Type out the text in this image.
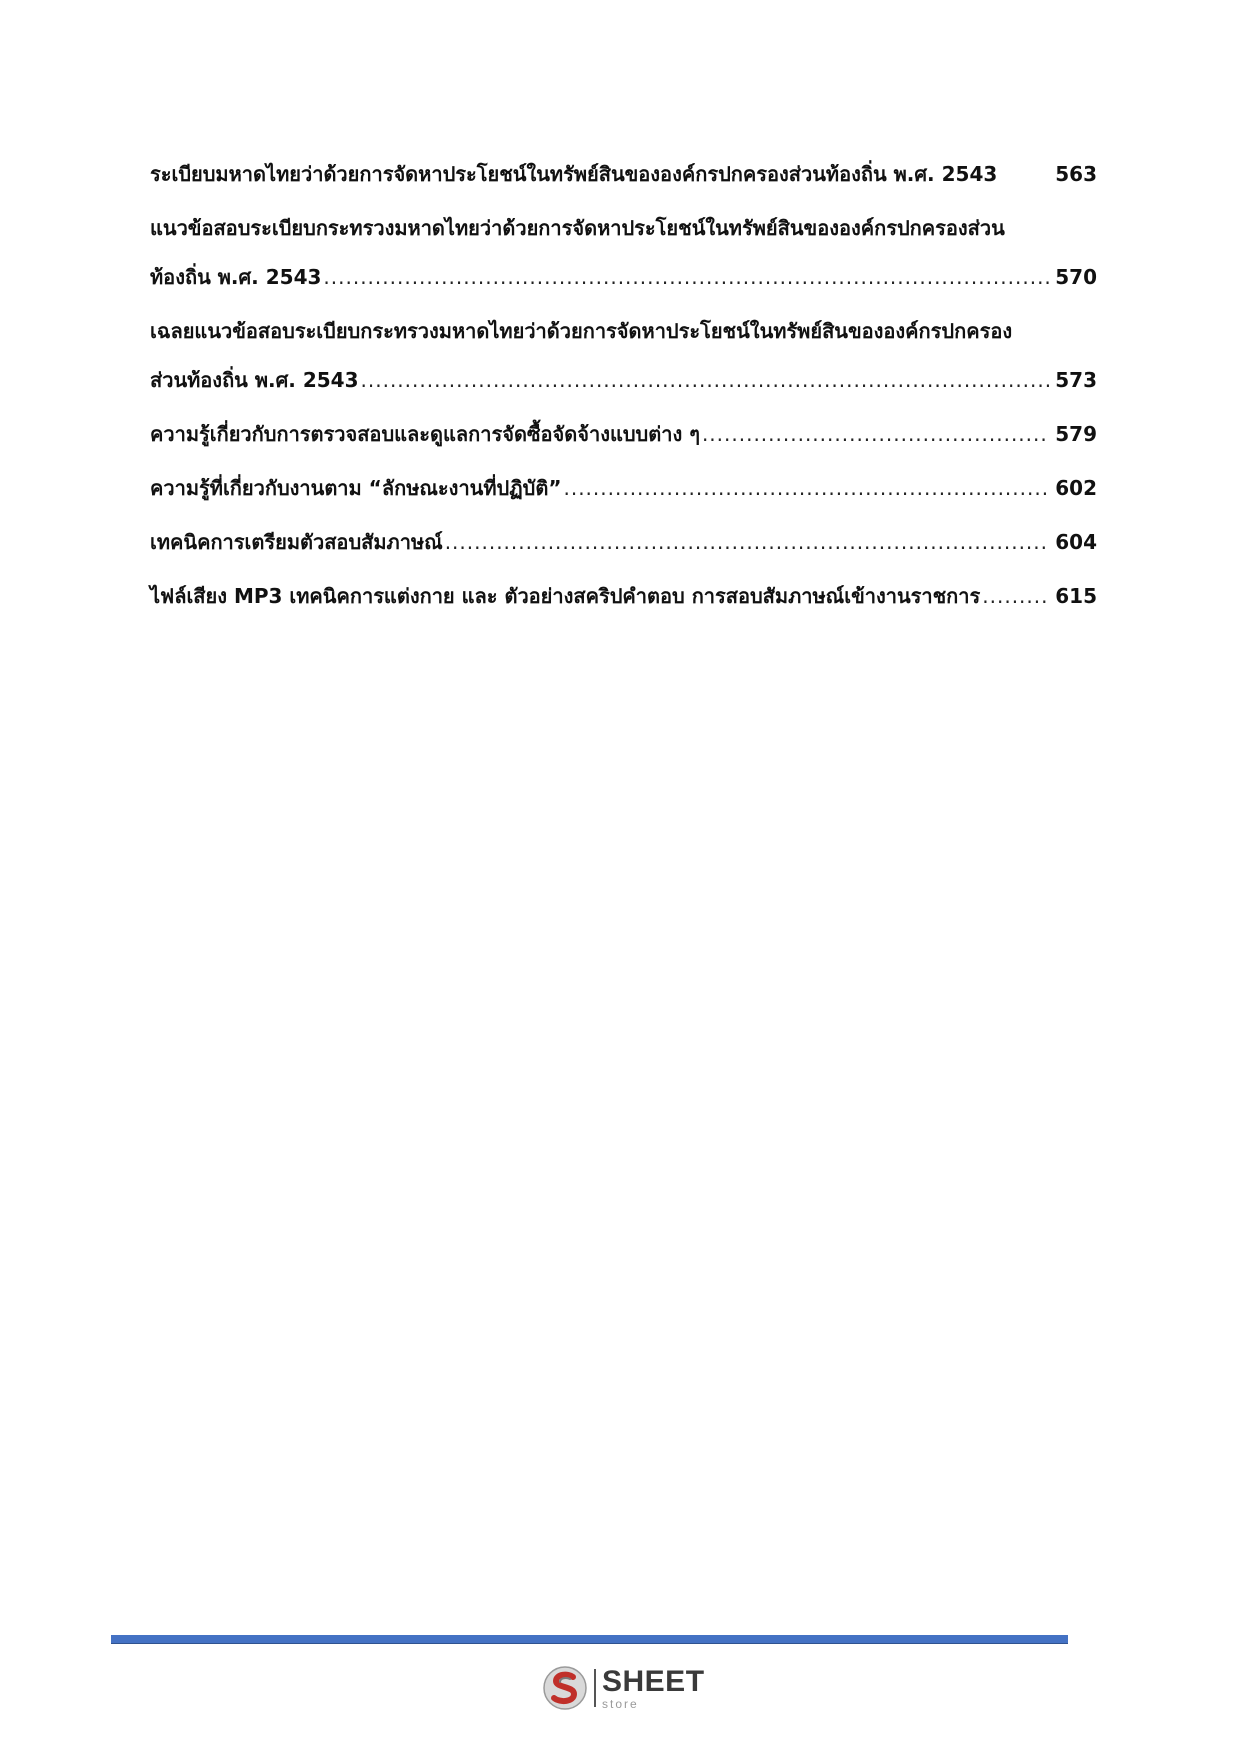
ระเบียบมหาดไทยว่าด้วยการจัดหาประโยชน์ในทรัพย์สินขององค์กรปกครองส่วนท้องถิ่น พ.ศ. 2543	563
แนวข้อสอบระเบียบกระทรวงมหาดไทยว่าด้วยการจัดหาประโยชน์ในทรัพย์สินขององค์กรปกครองส่วน
ท้องถิ่น พ.ศ. 2543 .....	570
เฉลยแนวข้อสอบระเบียบกระทรวงมหาดไทยว่าด้วยการจัดหาประโยชน์ในทรัพย์สินขององค์กรปกครอง
ส่วนท้องถิ่น พ.ศ. 2543 .....	573
ความรู้เกี่ยวกับการตรวจสอบและดูแลการจัดซื้อจัดจ้างแบบต่าง ๆ .....	579
ความรู้ที่เกี่ยวกับงานตาม “ลักษณะงานที่ปฏิบัติ” .....	602
เทคนิคการเตรียมตัวสอบสัมภาษณ์ .....	604
ไฟล์เสียง MP3 เทคนิคการแต่งกาย และ ตัวอย่างสคริปคำตอบ การสอบสัมภาษณ์เข้างานราชการ .....	615
SHEET
store
